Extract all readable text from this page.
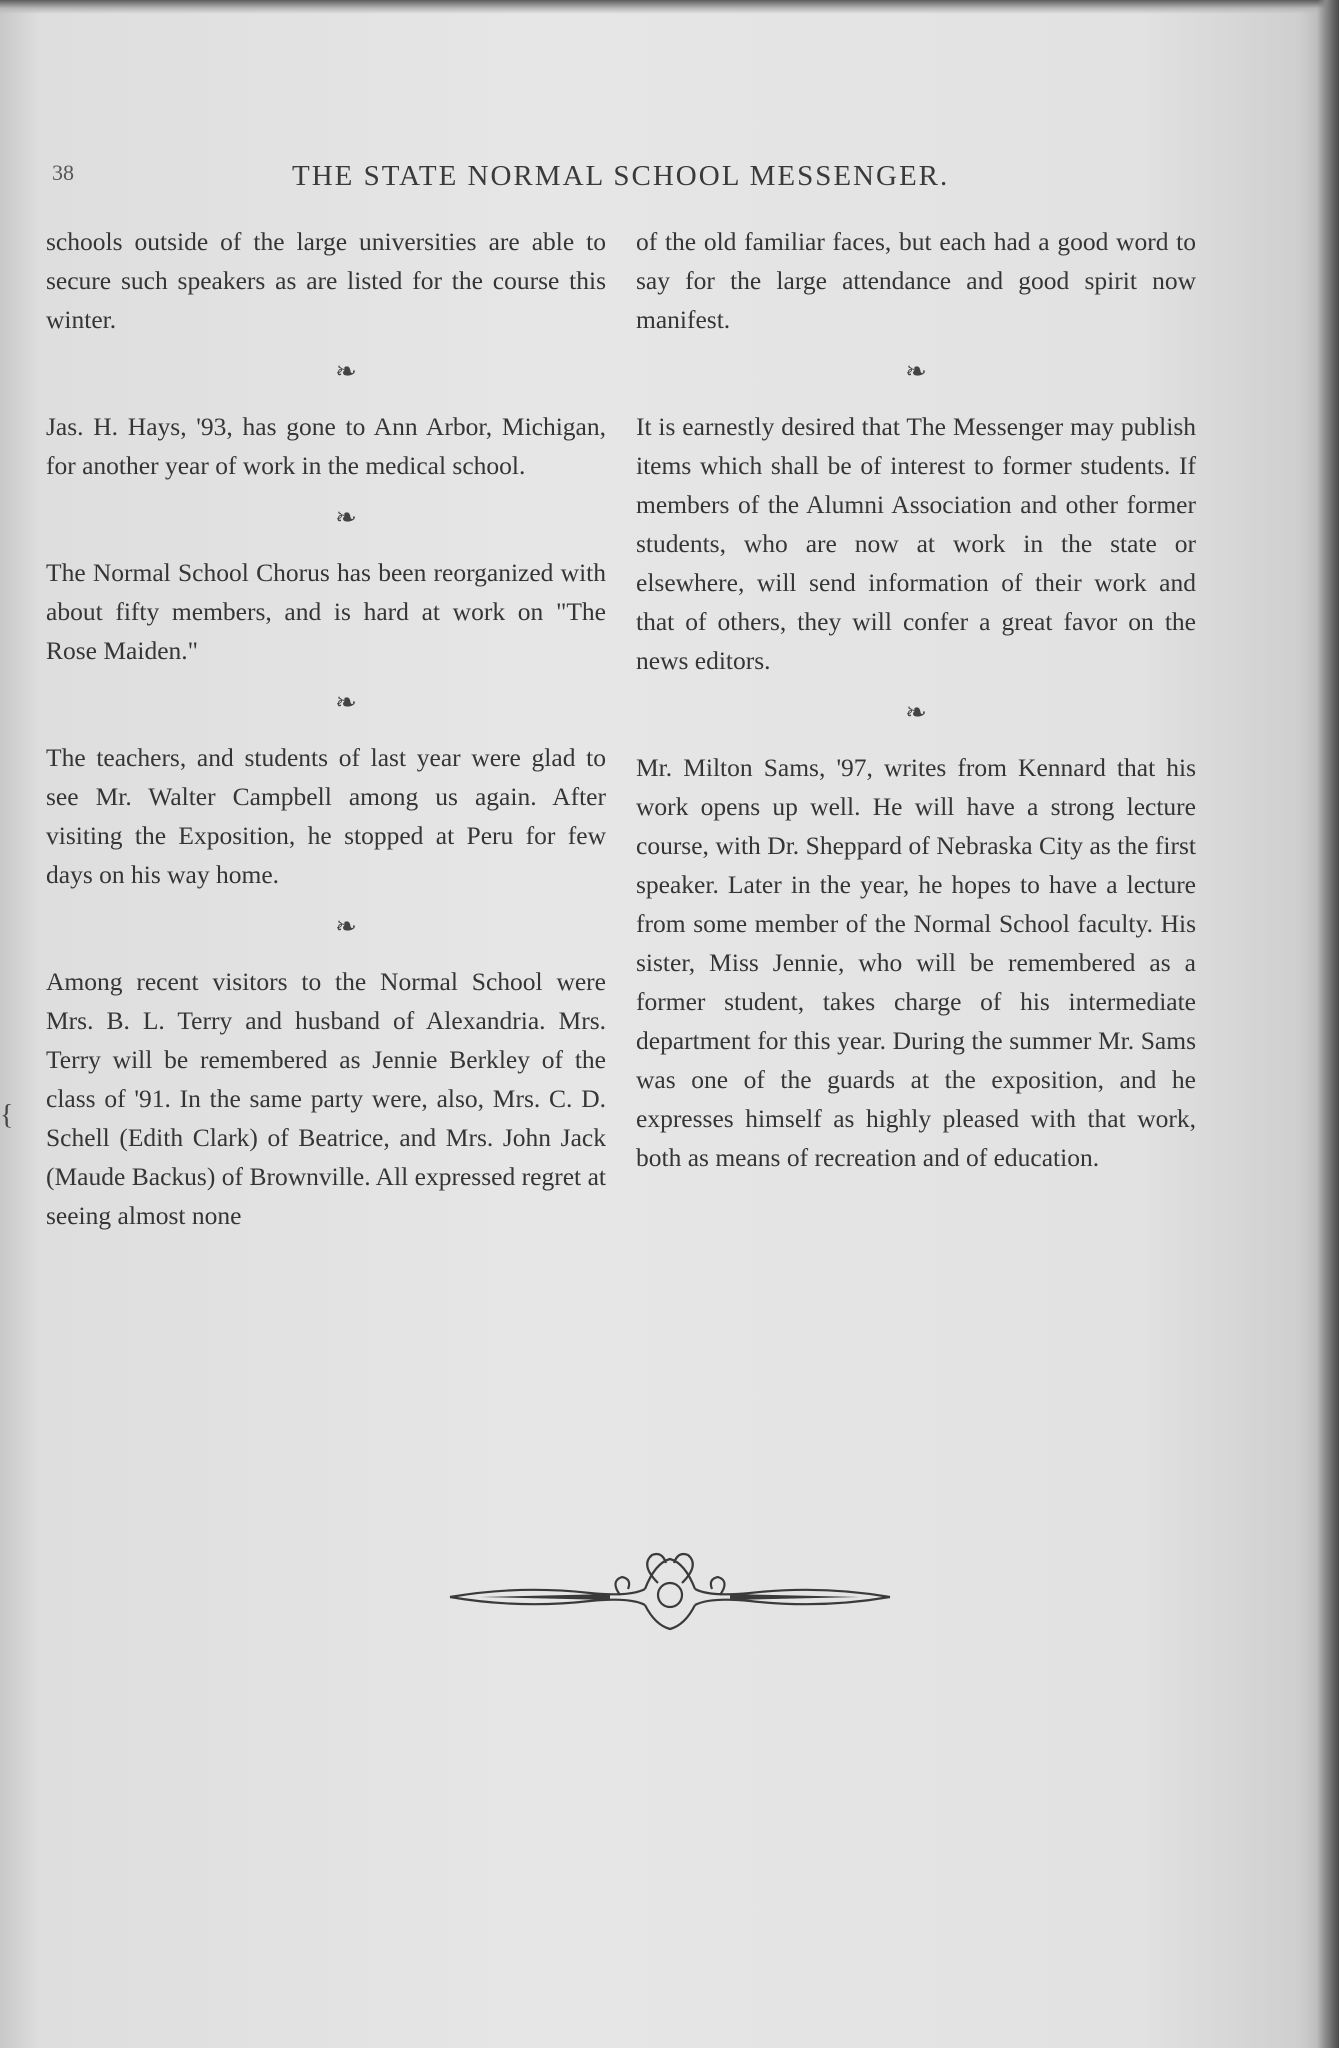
38	THE STATE NORMAL SCHOOL MESSENGER.
{

schools outside of the large universities are able to secure such speakers as are listed for the course this winter.

❧

Jas. H. Hays, '93, has gone to Ann Arbor, Michigan, for another year of work in the medical school.

❧

The Normal School Chorus has been reorganized with about fifty members, and is hard at work on "The Rose Maiden."

❧

The teachers, and students of last year were glad to see Mr. Walter Campbell among us again. After visiting the Exposition, he stopped at Peru for few days on his way home.

❧

Among recent visitors to the Normal School were Mrs. B. L. Terry and husband of Alexandria. Mrs. Terry will be remembered as Jennie Berkley of the class of '91. In the same party were, also, Mrs. C. D. Schell (Edith Clark) of Beatrice, and Mrs. John Jack (Maude Backus) of Brownville. All expressed regret at seeing almost none

of the old familiar faces, but each had a good word to say for the large attendance and good spirit now manifest.

❧

It is earnestly desired that The Messenger may publish items which shall be of interest to former students. If members of the Alumni Association and other former students, who are now at work in the state or elsewhere, will send information of their work and that of others, they will confer a great favor on the news editors.

❧

Mr. Milton Sams, '97, writes from Kennard that his work opens up well. He will have a strong lecture course, with Dr. Sheppard of Nebraska City as the first speaker. Later in the year, he hopes to have a lecture from some member of the Normal School faculty. His sister, Miss Jennie, who will be remembered as a former student, takes charge of his intermediate department for this year. During the summer Mr. Sams was one of the guards at the exposition, and he expresses himself as highly pleased with that work, both as means of recreation and of education.
